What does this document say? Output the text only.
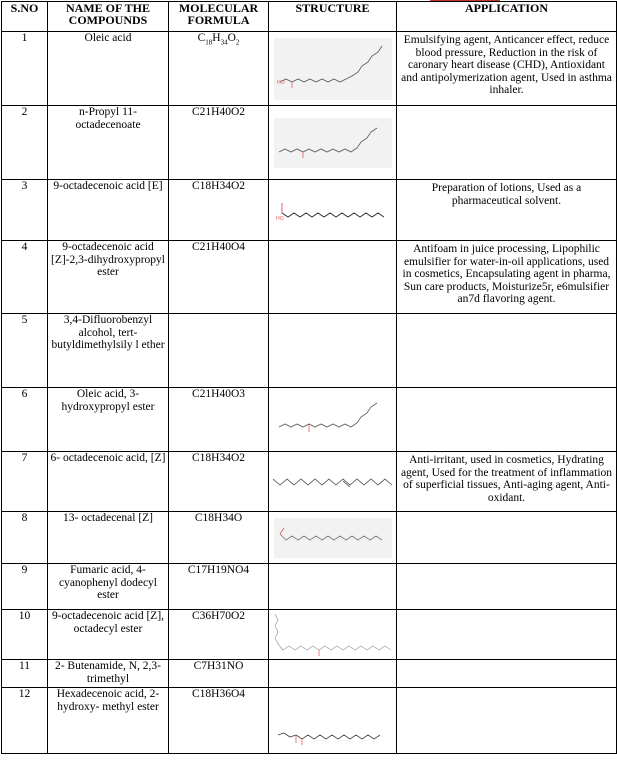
S.NO	NAME OF THE COMPOUNDS	MOLECULAR FORMULA	STRUCTURE	APPLICATION
1	Oleic acid	$C_{18}H_{34}O_2$	HO	Emulsifying agent, Anticancer effect, reduce blood pressure, Reduction in the risk of caronary heart disease (CHD), Antioxidant and antipolymerization agent, Used in asthma inhaler.
2	n-Propyl 11-octadecenoate	C21H40O2	

3	9-octadecenoic acid [E]	C18H34O2	HO	Preparation of lotions, Used as a pharmaceutical solvent.
4	9-octadecenoic acid [Z]-2,3-dihydroxypropyl ester	C21H40O4		Antifoam in juice processing, Lipophilic emulsifier for water-in-oil applications, used in cosmetics, Encapsulating agent in pharma, Sun care products, Moisturize5r, e6mulsifier an7d flavoring agent.
5	3,4-Difluorobenzyl alcohol, tert-butyldimethylsily l ether			
6	Oleic acid, 3-hydroxypropyl ester	C21H40O3	

7	6- octadecenoic acid, [Z]	C18H34O2		Anti-irritant, used in cosmetics, Hydrating agent, Used for the treatment of inflammation of superficial tissues, Anti-aging agent, Anti-oxidant.
8	13- octadecenal [Z]	C18H34O	

9	Fumaric acid, 4-cyanophenyl dodecyl ester	C17H19NO4		
10	9-octadecenoic acid [Z], octadecyl ester	C36H70O2	

11	2- Butenamide, N, 2,3-trimethyl	C7H31NO		
12	Hexadecenoic acid, 2-hydroxy- methyl ester	C18H36O4	
